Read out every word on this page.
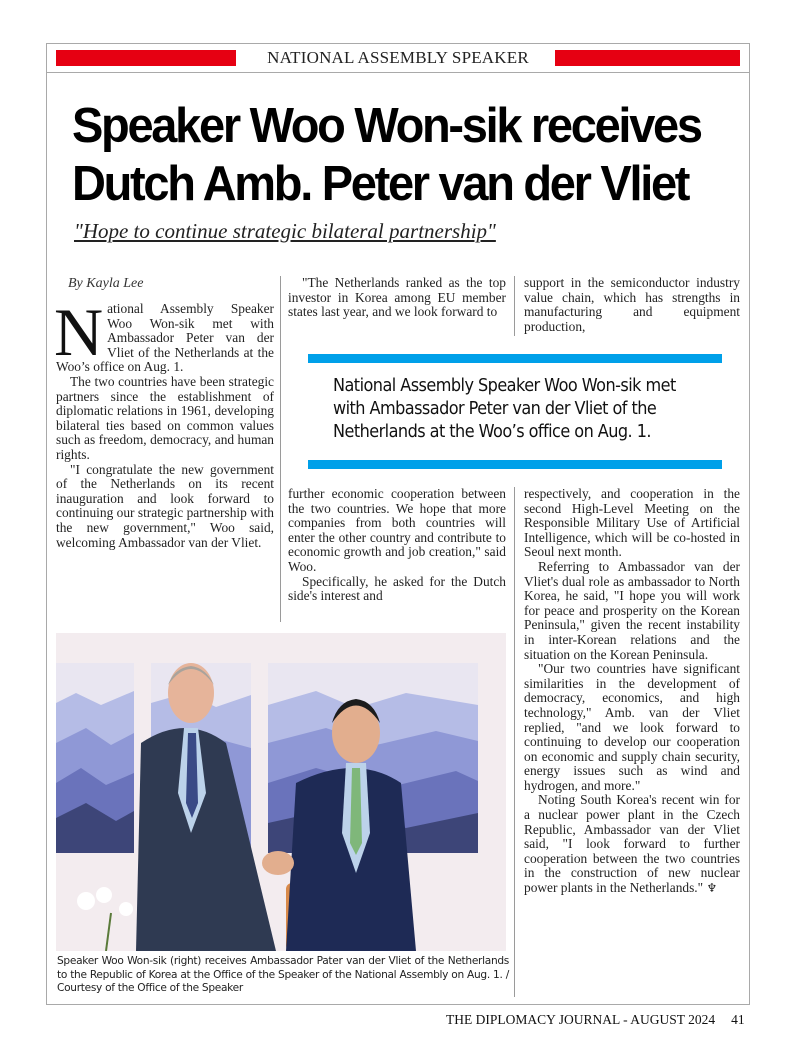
NATIONAL ASSEMBLY SPEAKER
Speaker Woo Won-sik receives
Dutch Amb. Peter van der Vliet
"Hope to continue strategic bilateral partnership"
By Kayla Lee

National Assembly Speaker Woo Won-sik met with Ambassador Peter van der Vliet of the Netherlands at the Woo’s office on Aug. 1.

The two countries have been strategic partners since the establishment of diplomatic relations in 1961, developing bilateral ties based on common values such as freedom, democracy, and human rights.

"I congratulate the new government of the Netherlands on its recent inauguration and look forward to continuing our strategic partnership with the new government," Woo said, welcoming Ambassador van der Vliet.

"The Netherlands ranked as the top investor in Korea among EU member states last year, and we look forward to

support in the semiconductor industry value chain, which has strengths in manufacturing and equipment production,

National Assembly Speaker Woo Won-sik met with Ambassador Peter van der Vliet of the Netherlands at the Woo’s office on Aug. 1.

further economic cooperation between the two countries. We hope that more companies from both countries will enter the other country and contribute to economic growth and job creation," said Woo.

Specifically, he asked for the Dutch side's interest and

respectively, and cooperation in the second High-Level Meeting on the Responsible Military Use of Artificial Intelligence, which will be co-hosted in Seoul next month.

Referring to Ambassador van der Vliet's dual role as ambassador to North Korea, he said, "I hope you will work for peace and prosperity on the Korean Peninsula," given the recent instability in inter-Korean relations and the situation on the Korean Peninsula.

"Our two countries have significant similarities in the development of democracy, economics, and high technology," Amb. van der Vliet replied, "and we look forward to continuing to develop our cooperation on economic and supply chain security, energy issues such as wind and hydrogen, and more."

Noting South Korea's recent win for a nuclear power plant in the Czech Republic, Ambassador van der Vliet said, "I look forward to further cooperation between the two countries in the construction of new nuclear power plants in the Netherlands." ♆

Speaker Woo Won-sik (right) receives Ambassador Pater van der Vliet of the Netherlands to the Republic of Korea at the Office of the Speaker of the National Assembly on Aug. 1. / Courtesy of the Office of the Speaker
THE DIPLOMACY JOURNAL - AUGUST 2024 41
